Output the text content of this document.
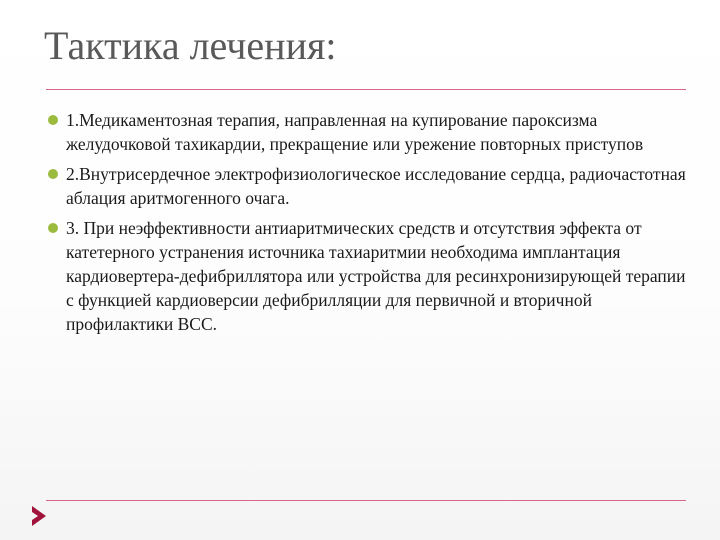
Тактика лечения:
1.Медикаментозная терапия, направленная на купирование пароксизма желудочковой тахикардии, прекращение или урежение повторных приступов
2.Внутрисердечное электрофизиологическое исследование сердца, радиочастотная аблация аритмогенного очага.
3. При неэффективности антиаритмических средств и отсутствия эффекта от катетерного устранения источника тахиаритмии необходима имплантация кардиовертера-дефибриллятора или устройства для ресинхронизирующей терапии с функцией кардиоверсии дефибрилляции для первичной и вторичной профилактики ВСС.
